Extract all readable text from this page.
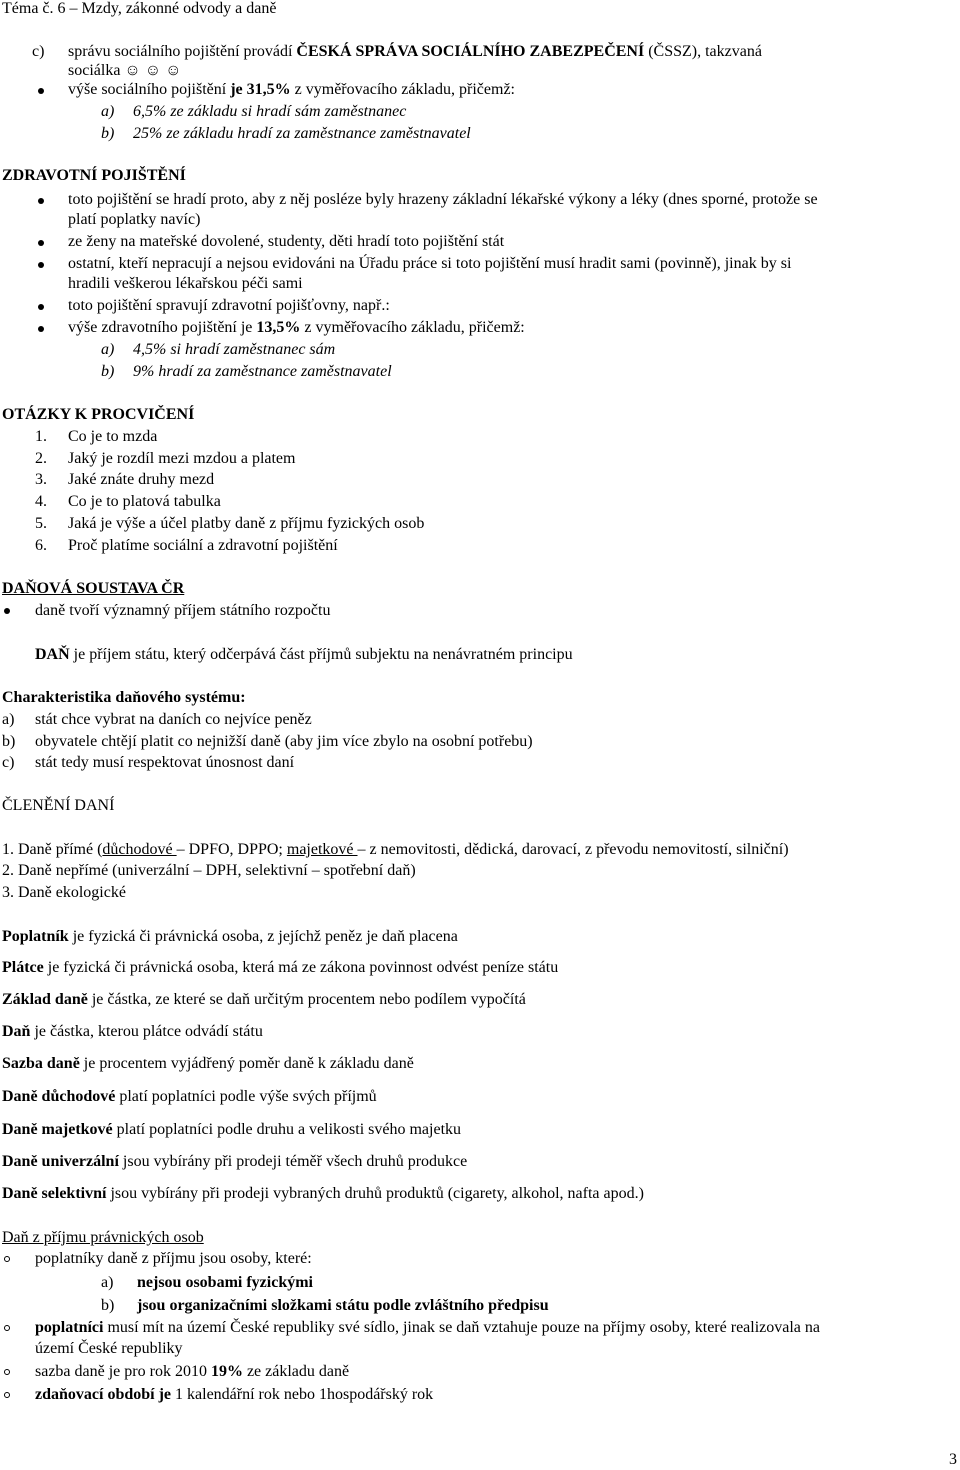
Téma č. 6 – Mzdy, zákonné odvody a daně
c)	správu sociálního pojištění provádí ČESKÁ SPRÁVA SOCIÁLNÍHO ZABEZPEČENÍ (ČSSZ), takzvaná
sociálka ☺ ☺ ☺
výše sociálního pojištění je 31,5% z vyměřovacího základu, přičemž:
a)	6,5% ze základu si hradí sám zaměstnanec
b)	25% ze základu hradí za zaměstnance zaměstnavatel
ZDRAVOTNÍ POJIŠTĚNÍ
toto pojištění se hradí proto, aby z něj posléze byly hrazeny základní lékařské výkony a léky (dnes sporné, protože se
platí poplatky navíc)
ze ženy na mateřské dovolené, studenty, děti hradí toto pojištění stát
ostatní, kteří nepracují a nejsou evidováni na Úřadu práce si toto pojištění musí hradit sami (povinně), jinak by si
hradili veškerou lékařskou péči sami
toto pojištění spravují zdravotní pojišťovny, např.:
výše zdravotního pojištění je 13,5% z vyměřovacího základu, přičemž:
a)	4,5% si hradí zaměstnanec sám
b)	9% hradí za zaměstnance zaměstnavatel
OTÁZKY K PROCVIČENÍ
1.	Co je to mzda
2.	Jaký je rozdíl mezi mzdou a platem
3.	Jaké znáte druhy mezd
4.	Co je to platová tabulka
5.	Jaká je výše a účel platby daně z příjmu fyzických osob
6.	Proč platíme sociální a zdravotní pojištění
DAŇOVÁ SOUSTAVA ČR
daně tvoří významný příjem státního rozpočtu
DAŇ je příjem státu, který odčerpává část příjmů subjektu na nenávratném principu
Charakteristika daňového systému:
a)	stát chce vybrat na daních co nejvíce peněz
b)	obyvatele chtějí platit co nejnižší daně (aby jim více zbylo na osobní potřebu)
c)	stát tedy musí respektovat únosnost daní
ČLENĚNÍ DANÍ
1. Daně přímé (důchodové – DPFO, DPPO; majetkové – z nemovitosti, dědická, darovací, z převodu nemovitostí, silniční)
2. Daně nepřímé (univerzální – DPH, selektivní – spotřební daň)
3. Daně ekologické
Poplatník je fyzická či právnická osoba, z jejíchž peněz je daň placena
Plátce je fyzická či právnická osoba, která má ze zákona povinnost odvést peníze státu
Základ daně je částka, ze které se daň určitým procentem nebo podílem vypočítá
Daň je částka, kterou plátce odvádí státu
Sazba daně je procentem vyjádřený poměr daně k základu daně
Daně důchodové platí poplatníci podle výše svých příjmů
Daně majetkové platí poplatníci podle druhu a velikosti svého majetku
Daně univerzální jsou vybírány při prodeji téměř všech druhů produkce
Daně selektivní jsou vybírány při prodeji vybraných druhů produktů (cigarety, alkohol, nafta apod.)
Daň z příjmu právnických osob
poplatníky daně z příjmu jsou osoby, které:
a)	nejsou osobami fyzickými
b)	jsou organizačními složkami státu podle zvláštního předpisu
poplatníci musí mít na území České republiky své sídlo, jinak se daň vztahuje pouze na příjmy osoby, které realizovala na
území České republiky
sazba daně je pro rok 2010 19% ze základu daně
zdaňovací období je 1 kalendářní rok nebo 1hospodářský rok
3
